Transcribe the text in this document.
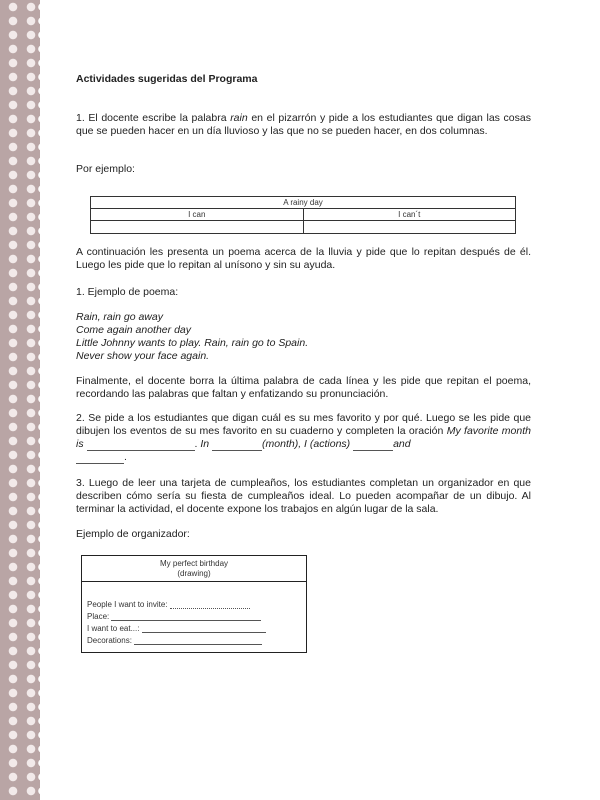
Actividades sugeridas del Programa
1. El docente escribe la palabra rain en el pizarrón y pide a los estudiantes que digan las cosas que se pueden hacer en un día lluvioso y las que no se pueden hacer, en dos columnas.
Por ejemplo:
A continuación les presenta un poema acerca de la lluvia y pide que lo repitan después de él. Luego les pide que lo repitan al unísono y sin su ayuda.
1. Ejemplo de poema:
Rain, rain go away
Come again another day
Little Johnny wants to play. Rain, rain go to Spain.
Never show your face again.
Finalmente, el docente borra la última palabra de cada línea y les pide que repitan el poema, recordando las palabras que faltan y enfatizando su pronunciación.
2. Se pide a los estudiantes que digan cuál es su mes favorito y por qué. Luego se les pide que dibujen los eventos de su mes favorito en su cuaderno y completen la oración My favorite month is	. In	(month), I (actions)	and
.
3. Luego de leer una tarjeta de cumpleaños, los estudiantes completan un organizador en que describen cómo sería su fiesta de cumpleaños ideal. Lo pueden acompañar de un dibujo. Al terminar la actividad, el docente expone los trabajos en algún lugar de la sala.
Ejemplo de organizador:
A rainy day	
I can	I can´t

My perfect birthday
(drawing)
People I want to invite:
Place:
I want to eat...:
Decorations:
